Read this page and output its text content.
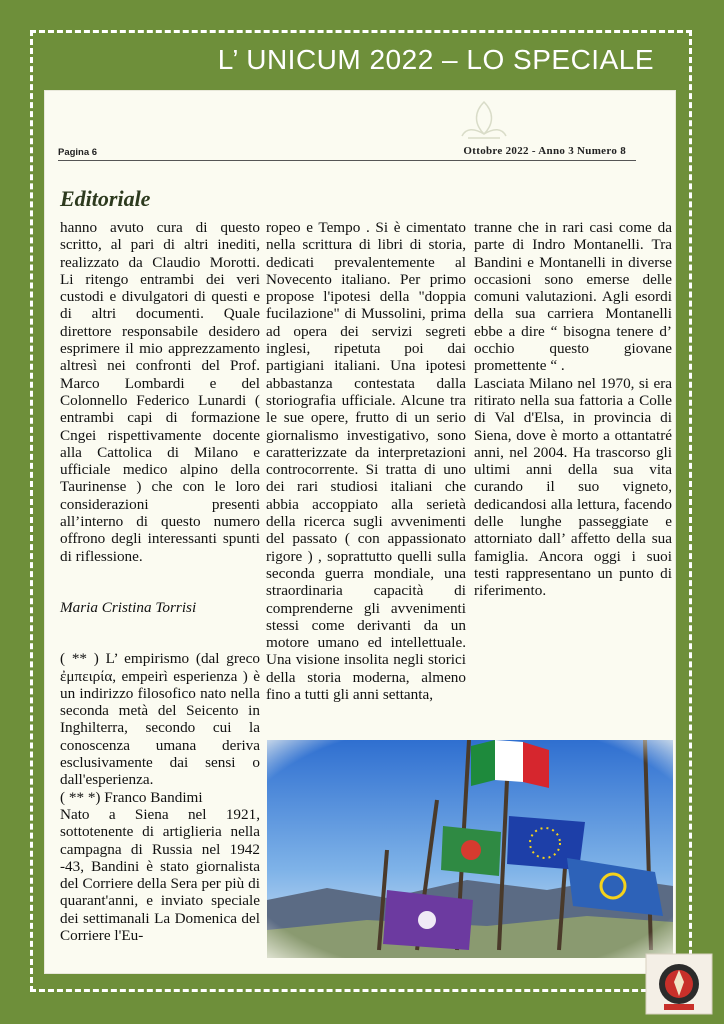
L’ UNICUM 2022 – LO SPECIALE
Pagina 6	Ottobre 2022 - Anno 3 Numero 8
Editoriale

hanno avuto cura di questo scritto, al pari di altri inediti, realizzato da Claudio Morotti. Li ritengo entrambi dei veri custodi e divulgatori di questi e di altri documenti. Quale direttore responsabile desidero esprimere il mio apprezzamento altresì nei confronti del Prof. Marco Lombardi e del Colonnello Federico Lunardi ( entrambi capi di formazione Cngei rispettivamente docente alla Cattolica di Milano e ufficiale medico alpino della Taurinense ) che con le loro considerazioni presenti all’interno di questo numero offrono degli interessanti spunti di riflessione.

Maria Cristina Torrisi

( ** ) L’ empirismo (dal greco ἐμπειρία, empeirì esperienza ) è un indirizzo filosofico nato nella seconda metà del Seicento in Inghilterra, secondo cui la conoscenza umana deriva esclusivamente dai sensi o dall'esperienza.

( ** *) Franco Bandimi

Nato a Siena nel 1921, sottotenente di artiglieria nella campagna di Russia nel 1942 -43, Bandini è stato giornalista del Corriere della Sera per più di quarant'anni, e inviato speciale dei settimanali La Domenica del Corriere l'Eu-

ropeo e Tempo . Si è cimentato nella scrittura di libri di storia, dedicati prevalentemente al Novecento italiano. Per primo propose l'ipotesi della "doppia fucilazione" di Mussolini, prima ad opera dei servizi segreti inglesi, ripetuta poi dai partigiani italiani. Una ipotesi abbastanza contestata dalla storiografia ufficiale. Alcune tra le sue opere, frutto di un serio giornalismo investigativo, sono caratterizzate da interpretazioni controcorrente. Si tratta di uno dei rari studiosi italiani che abbia accoppiato alla serietà della ricerca sugli avvenimenti del passato ( con appassionato rigore ) , soprattutto quelli sulla seconda guerra mondiale, una straordinaria capacità di comprenderne gli avvenimenti stessi come derivanti da un motore umano ed intellettuale. Una visione insolita negli storici della storia moderna, almeno fino a tutti gli anni settanta,

tranne che in rari casi come da parte di Indro Montanelli. Tra Bandini e Montanelli in diverse occasioni sono emerse delle comuni valutazioni. Agli esordi della sua carriera Montanelli ebbe a dire “ bisogna tenere d’ occhio questo giovane promettente “ .

Lasciata Milano nel 1970, si era ritirato nella sua fattoria a Colle di Val d'Elsa, in provincia di Siena, dove è morto a ottantatré anni, nel 2004. Ha trascorso gli ultimi anni della sua vita curando il suo vigneto, dedicandosi alla lettura, facendo delle lunghe passeggiate e attorniato dall’ affetto della sua famiglia. Ancora oggi i suoi testi rappresentano un punto di riferimento.
